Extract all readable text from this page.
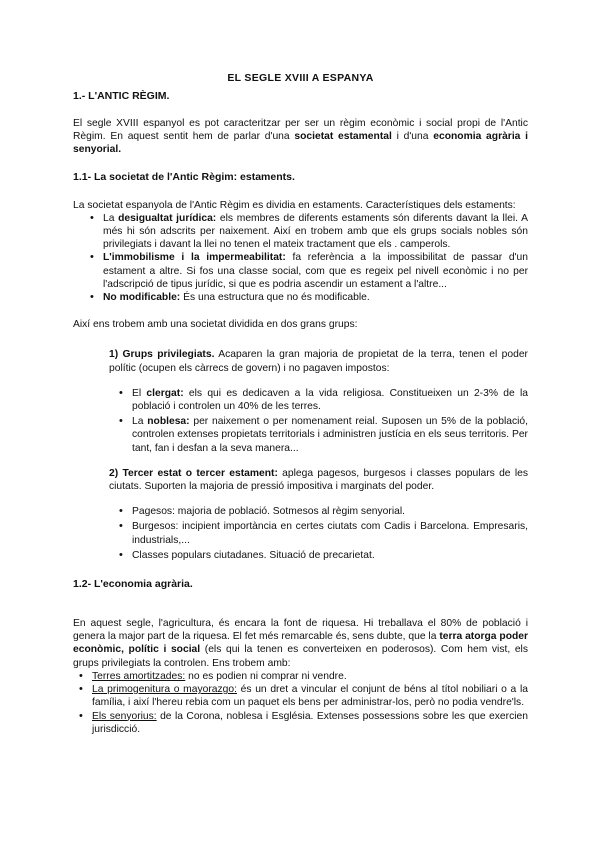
EL SEGLE XVIII A ESPANYA
1.- L'ANTIC RÈGIM.

El segle XVIII espanyol es pot caracteritzar per ser un règim econòmic i social propi de l'Antic Règim. En aquest sentit hem de parlar d'una societat estamental i d'una economia agrària i senyorial.

1.1- La societat de l'Antic Règim: estaments.

La societat espanyola de l'Antic Règim es dividia en estaments. Característiques dels estaments:

• La desigualtat jurídica: els membres de diferents estaments són diferents davant la llei. A més hi són adscrits per naixement. Així en trobem amb que els grups socials nobles són privilegiats i davant la llei no tenen el mateix tractament que els . camperols.
• L'immobilisme i la impermeabilitat: fa referència a la impossibilitat de passar d'un estament a altre. Si fos una classe social, com que es regeix pel nivell econòmic i no per l'adscripció de tipus jurídic, si que es podria ascendir un estament a l'altre...
• No modificable: És una estructura que no és modificable.

Així ens trobem amb una societat dividida en dos grans grups:

1) Grups privilegiats. Acaparen la gran majoria de propietat de la terra, tenen el poder polític (ocupen els càrrecs de govern) i no pagaven impostos:

• El clergat: els qui es dedicaven a la vida religiosa. Constitueixen un 2-3% de la població i controlen un 40% de les terres.
• La noblesa: per naixement o per nomenament reial. Suposen un 5% de la població, controlen extenses propietats territorials i administren justícia en els seus territoris. Per tant, fan i desfan a la seva manera...

2) Tercer estat o tercer estament: aplega pagesos, burgesos i classes populars de les ciutats. Suporten la majoria de pressió impositiva i marginats del poder.

• Pagesos: majoria de població. Sotmesos al règim senyorial.
• Burgesos: incipient importància en certes ciutats com Cadis i Barcelona. Empresaris, industrials,...
• Classes populars ciutadanes. Situació de precarietat.
1.2- L'economia agrària.

En aquest segle, l'agricultura, és encara la font de riquesa. Hi treballava el 80% de població i genera la major part de la riquesa. El fet més remarcable és, sens dubte, que la terra atorga poder econòmic, polític i social (els qui la tenen es converteixen en poderosos). Com hem vist, els grups privilegiats la controlen. Ens trobem amb:

• Terres amortitzades: no es podien ni comprar ni vendre.
• La primogenitura o mayorazgo: és un dret a vincular el conjunt de béns al títol nobiliari o a la família, i així l'hereu rebia com un paquet els bens per administrar-los, però no podia vendre'ls.
• Els senyorius: de la Corona, noblesa i Església. Extenses possessions sobre les que exercien jurisdicció.
